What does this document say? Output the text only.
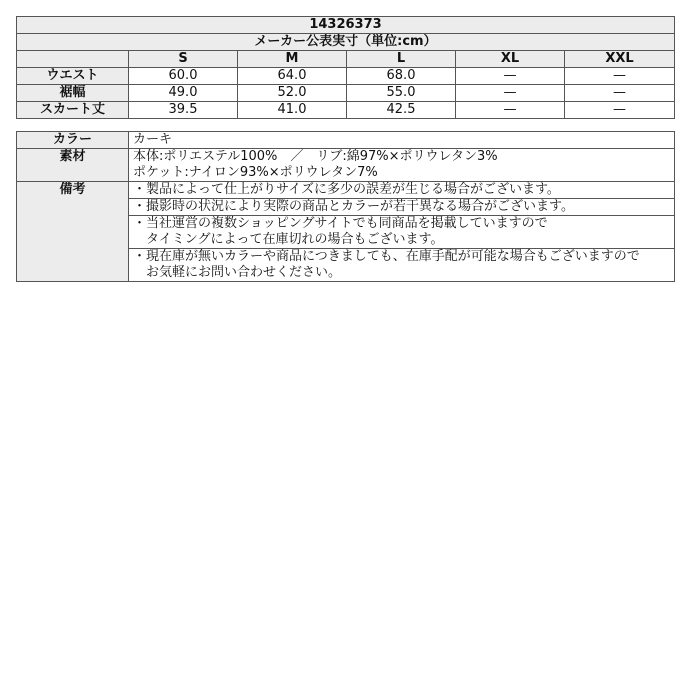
14326373					
メーカー公表実寸（単位:cm）					
	S	M	L	XL	XXL
ウエスト	60.0	64.0	68.0	—	—
裾幅	49.0	52.0	55.0	—	—
スカート丈	39.5	41.0	42.5	—	—
カラー	カーキ
素材	本体:ポリエステル100%　／　リブ:綿97%×ポリウレタン3%
ポケット:ナイロン93%×ポリウレタン7%

備考	・製品によって仕上がりサイズに多少の誤差が生じる場合がございます。

	・撮影時の状況により実際の商品とカラーが若干異なる場合がございます。

	・当社運営の複数ショッピングサイトでも同商品を掲載していますので
　タイミングによって在庫切れの場合もございます。

	・現在庫が無いカラーや商品につきましても、在庫手配が可能な場合もございますので
　お気軽にお問い合わせください。
